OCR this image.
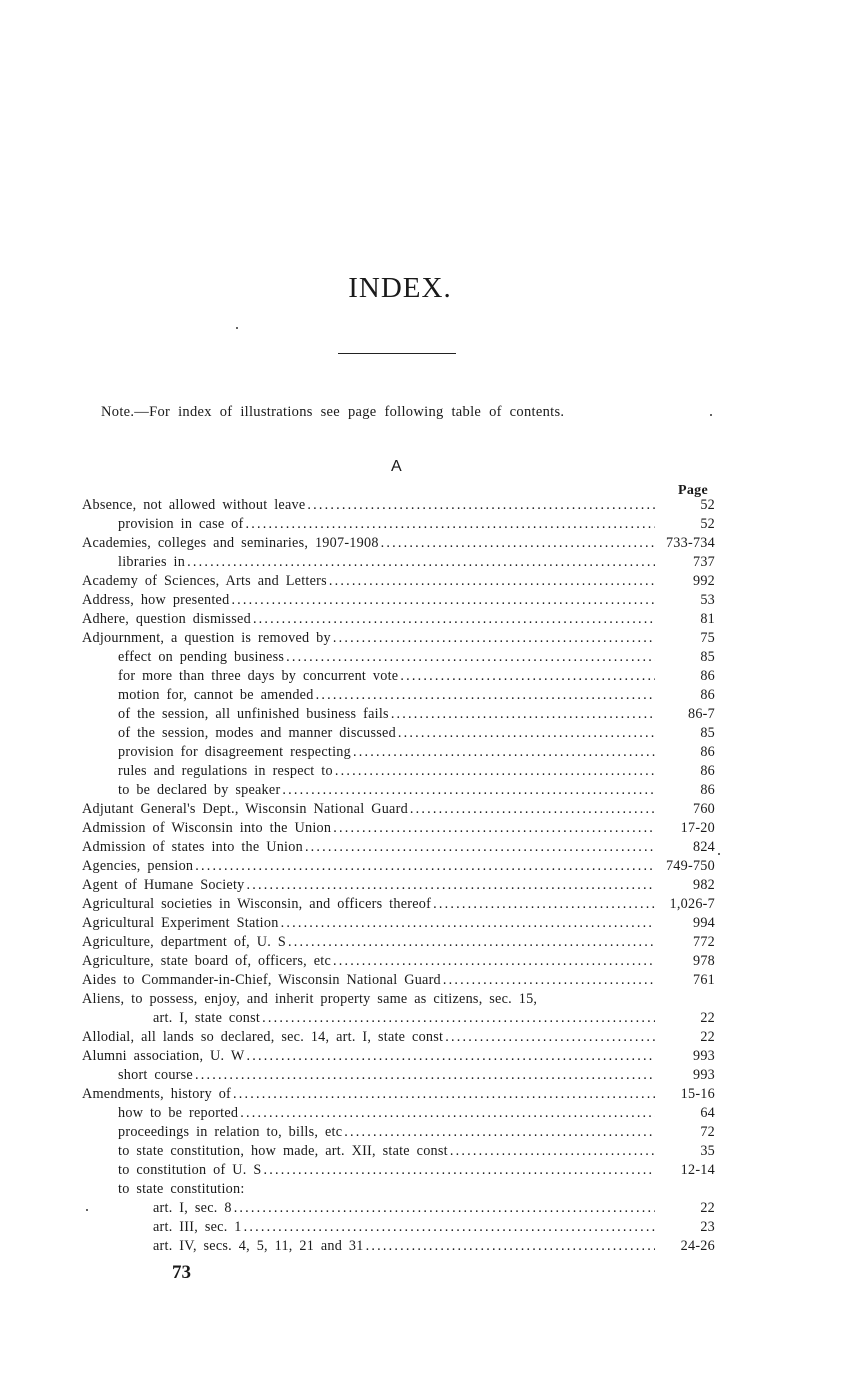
INDEX.
Note.—For index of illustrations see page following table of contents.
A
Page
Absence, not allowed without leave .....	52
provision in case of .....	52
Academies, colleges and seminaries, 1907-1908 .....	733-734
libraries in .....	737
Academy of Sciences, Arts and Letters .....	992
Address, how presented .....	53
Adhere, question dismissed .....	81
Adjournment, a question is removed by .....	75
effect on pending business .....	85
for more than three days by concurrent vote .....	86
motion for, cannot be amended .....	86
of the session, all unfinished business fails .....	86-7
of the session, modes and manner discussed .....	85
provision for disagreement respecting .....	86
rules and regulations in respect to .....	86
to be declared by speaker .....	86
Adjutant General's Dept., Wisconsin National Guard .....	760
Admission of Wisconsin into the Union .....	17-20
Admission of states into the Union .....	824
Agencies, pension .....	749-750
Agent of Humane Society .....	982
Agricultural societies in Wisconsin, and officers thereof .....	1,026-7
Agricultural Experiment Station .....	994
Agriculture, department of, U. S .....	772
Agriculture, state board of, officers, etc .....	978
Aides to Commander-in-Chief, Wisconsin National Guard .....	761
Aliens, to possess, enjoy, and inherit property same as citizens, sec. 15,
art. I, state const .....	22
Allodial, all lands so declared, sec. 14, art. I, state const .....	22
Alumni association, U. W .....	993
short course .....	993
Amendments, history of .....	15-16
how to be reported .....	64
proceedings in relation to, bills, etc .....	72
to state constitution, how made, art. XII, state const .....	35
to constitution of U. S .....	12-14
to state constitution:
art. I, sec. 8 .....	22
art. III, sec. 1 .....	23
art. IV, secs. 4, 5, 11, 21 and 31 .....	24-26
73
